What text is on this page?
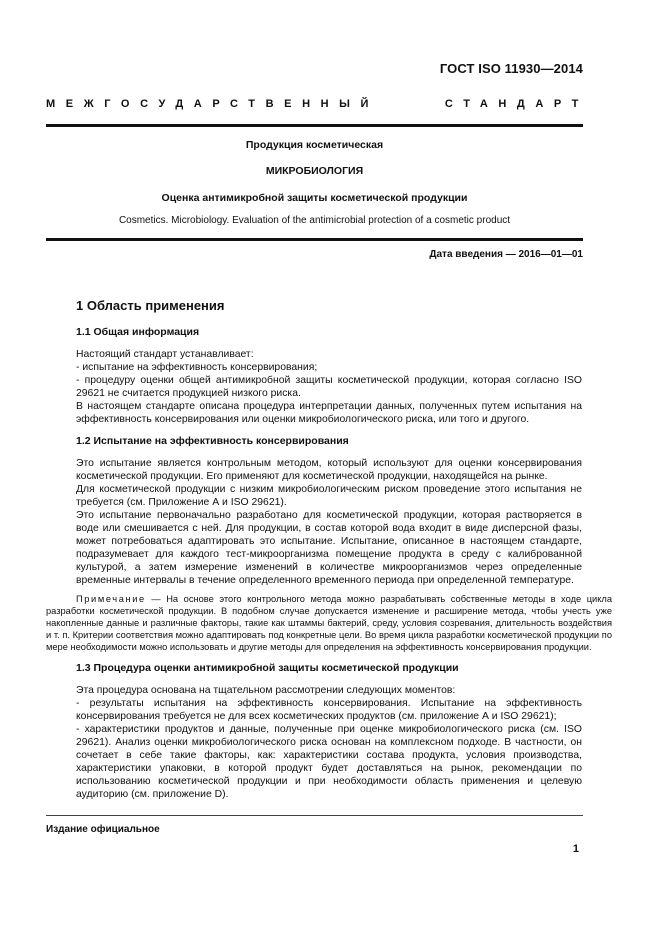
ГОСТ ISO 11930—2014
МЕЖГОСУДАРСТВЕННЫЙ	СТАНДАРТ
Продукция косметическая
МИКРОБИОЛОГИЯ
Оценка антимикробной защиты косметической продукции
Cosmetics. Microbiology. Evaluation of the antimicrobial protection of a cosmetic product
Дата введения — 2016—01—01
1 Область применения
1.1 Общая информация

Настоящий стандарт устанавливает:

- испытание на эффективность консервирования;

- процедуру оценки общей антимикробной защиты косметической продукции, которая согласно ISO 29621 не считается продукцией низкого риска.

В настоящем стандарте описана процедура интерпретации данных, полученных путем испытания на эффективность консервирования или оценки микробиологического риска, или того и другого.

1.2 Испытание на эффективность консервирования

Это испытание является контрольным методом, который используют для оценки консервирования косметической продукции. Его применяют для косметической продукции, находящейся на рынке.

Для косметической продукции с низким микробиологическим риском проведение этого испытания не требуется (см. Приложение А и ISO 29621).

Это испытание первоначально разработано для косметической продукции, которая растворяется в воде или смешивается с ней. Для продукции, в состав которой вода входит в виде дисперсной фазы, может потребоваться адаптировать это испытание. Испытание, описанное в настоящем стандарте, подразумевает для каждого тест-микроорганизма помещение продукта в среду с калиброванной культурой, а затем измерение изменений в количестве микроорганизмов через определенные временные интервалы в течение определенного временного периода при определенной температуре.

Примечание — На основе этого контрольного метода можно разрабатывать собственные методы в ходе цикла разработки косметической продукции. В подобном случае допускается изменение и расширение метода, чтобы учесть уже накопленные данные и различные факторы, такие как штаммы бактерий, среду, условия созревания, длительность воздействия и т. п. Критерии соответствия можно адаптировать под конкретные цели. Во время цикла разработки косметической продукции по мере необходимости можно использовать и другие методы для определения на эффективность консервирования продукции.

1.3 Процедура оценки антимикробной защиты косметической продукции

Эта процедура основана на тщательном рассмотрении следующих моментов:

- результаты испытания на эффективность консервирования. Испытание на эффективность консервирования требуется не для всех косметических продуктов (см. приложение А и ISO 29621);

- характеристики продуктов и данные, полученные при оценке микробиологического риска (см. ISO 29621). Анализ оценки микробиологического риска основан на комплексном подходе. В частности, он сочетает в себе такие факторы, как: характеристики состава продукта, условия производства, характеристики упаковки, в которой продукт будет доставляться на рынок, рекомендации по использованию косметической продукции и при необходимости область применения и целевую аудиторию (см. приложение D).

Издание официальное
1
